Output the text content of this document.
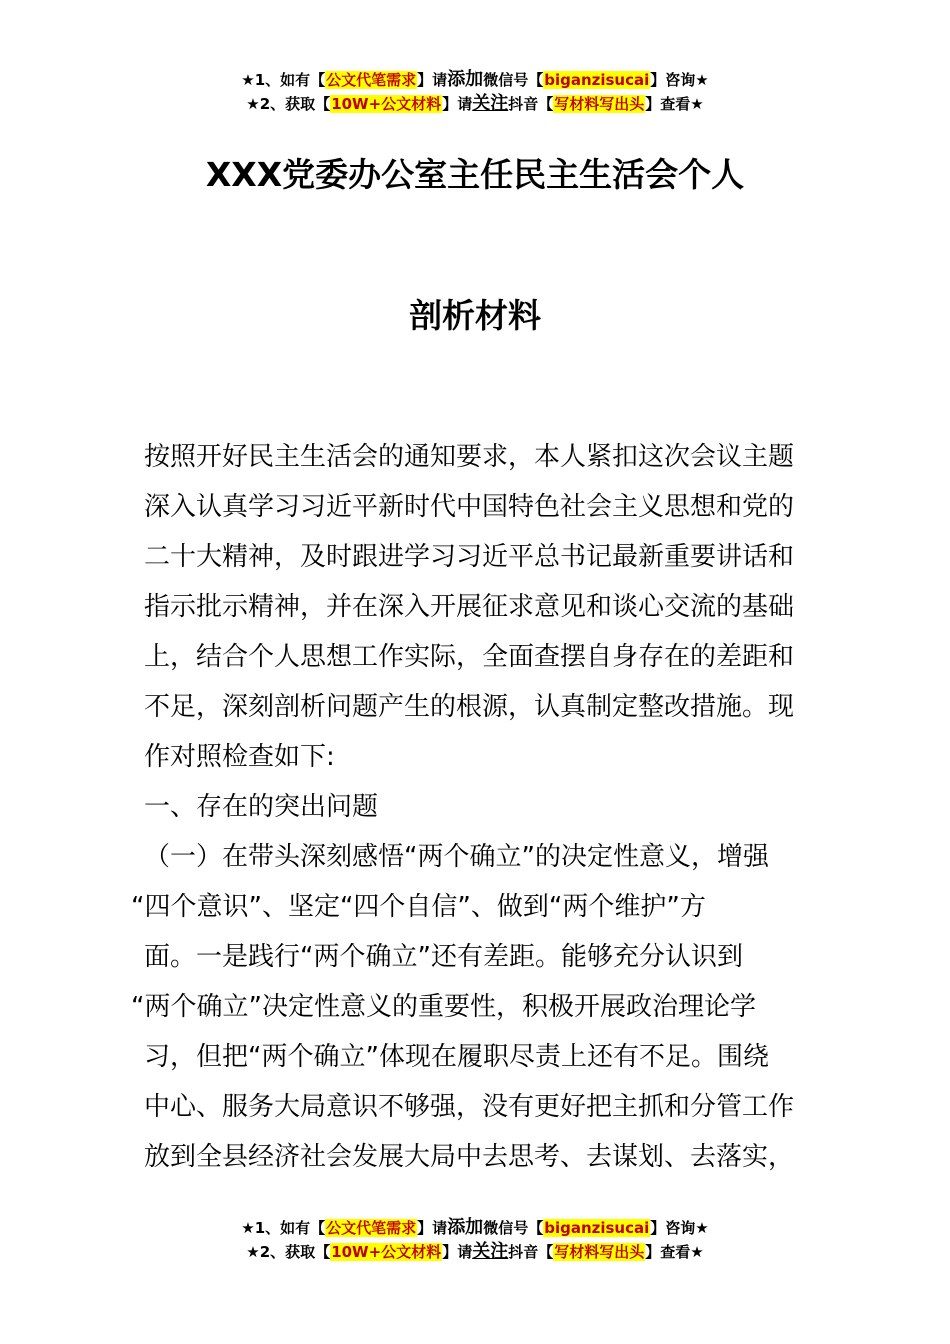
★1、如有【公文代笔需求】请添加微信号【biganzisucai】咨询★
★2、获取【10W+公文材料】请关注抖音【写材料写出头】查看★
XXX党委办公室主任民主生活会个人
剖析材料
按照开好民主生活会的通知要求，本人紧扣这次会议主题
深入认真学习习近平新时代中国特色社会主义思想和党的
二十大精神，及时跟进学习习近平总书记最新重要讲话和
指示批示精神，并在深入开展征求意见和谈心交流的基础
上，结合个人思想工作实际，全面查摆自身存在的差距和
不足，深刻剖析问题产生的根源，认真制定整改措施。现
作对照检查如下:
一、存在的突出问题
（一）在带头深刻感悟“两个确立”的决定性意义，增强
“四个意识”、坚定“四个自信”、做到“两个维护”方
面。一是践行“两个确立”还有差距。能够充分认识到
“两个确立”决定性意义的重要性，积极开展政治理论学
习，但把“两个确立”体现在履职尽责上还有不足。围绕
中心、服务大局意识不够强，没有更好把主抓和分管工作
放到全县经济社会发展大局中去思考、去谋划、去落实，
★1、如有【公文代笔需求】请添加微信号【biganzisucai】咨询★
★2、获取【10W+公文材料】请关注抖音【写材料写出头】查看★
